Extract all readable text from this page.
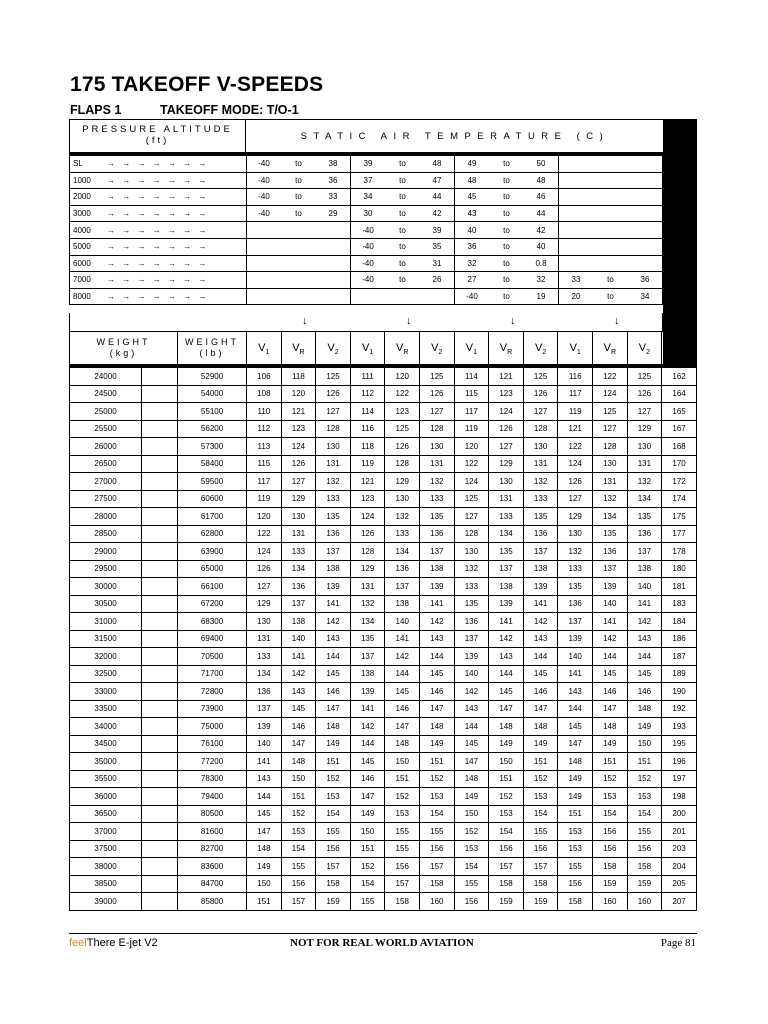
175 TAKEOFF V-SPEEDS
FLAPS 1	TAKEOFF MODE: T/O-1
PRESSURE ALTITUDE
(ft)	STATIC AIR TEMPERATURE (C)
SL → → → → → → →	-40 to 38	39 to 48	49 to 50	
1000 → → → → → → →	-40 to 36	37 to 47	48 to 48	
2000 → → → → → → →	-40 to 33	34 to 44	45 to 46	
3000 → → → → → → →	-40 to 29	30 to 42	43 to 44	
4000 → → → → → → →		-40 to 39	40 to 42	
5000 → → → → → → →		-40 to 35	36 to 40	
6000 → → → → → → →		-40 to 31	32 to 0.8	
7000 → → → → → → →		-40 to 26	27 to 32	33 to 36
8000 → → → → → → →			-40 to 19	20 to 34
↓	↓	↓	↓
WEIGHT
(kg)
WEIGHT
(lb)	$V_1$	$V_R$	$V_2$	$V_1$	$V_R$	$V_2$	$V_1$	$V_R$	$V_2$	$V_1$	$V_R$	$V_2$	$V_{FS}$
24000		52900	106	118	125	111	120	125	114	121	125	116	122	125	162
24500		54000	108	120	126	112	122	126	115	123	126	117	124	126	164
25000		55100	110	121	127	114	123	127	117	124	127	119	125	127	165
25500		56200	112	123	128	116	125	128	119	126	128	121	127	129	167
26000		57300	113	124	130	118	126	130	120	127	130	122	128	130	168
26500		58400	115	126	131	119	128	131	122	129	131	124	130	131	170
27000		59500	117	127	132	121	129	132	124	130	132	126	131	132	172
27500		60600	119	129	133	123	130	133	125	131	133	127	132	134	174
28000		61700	120	130	135	124	132	135	127	133	135	129	134	135	175
28500		62800	122	131	136	126	133	136	128	134	136	130	135	136	177
29000		63900	124	133	137	128	134	137	130	135	137	132	136	137	178
29500		65000	126	134	138	129	136	138	132	137	138	133	137	138	180
30000		66100	127	136	139	131	137	139	133	138	139	135	139	140	181
30500		67200	129	137	141	132	138	141	135	139	141	136	140	141	183
31000		68300	130	138	142	134	140	142	136	141	142	137	141	142	184
31500		69400	131	140	143	135	141	143	137	142	143	139	142	143	186
32000		70500	133	141	144	137	142	144	139	143	144	140	144	144	187
32500		71700	134	142	145	138	144	145	140	144	145	141	145	145	189
33000		72800	136	143	146	139	145	146	142	145	146	143	146	146	190
33500		73900	137	145	147	141	146	147	143	147	147	144	147	148	192
34000		75000	139	146	148	142	147	148	144	148	148	145	148	149	193
34500		76100	140	147	149	144	148	149	145	149	149	147	149	150	195
35000		77200	141	148	151	145	150	151	147	150	151	148	151	151	196
35500		78300	143	150	152	146	151	152	148	151	152	149	152	152	197
36000		79400	144	151	153	147	152	153	149	152	153	149	153	153	198
36500		80500	145	152	154	149	153	154	150	153	154	151	154	154	200
37000		81600	147	153	155	150	155	155	152	154	155	153	156	155	201
37500		82700	148	154	156	151	155	156	153	156	156	153	156	156	203
38000		83600	149	155	157	152	156	157	154	157	157	155	158	158	204
38500		84700	150	156	158	154	157	158	155	158	158	156	159	159	205
39000		85800	151	157	159	155	158	160	156	159	159	158	160	160	207
feelThere E-jet V2	NOT FOR REAL WORLD AVIATION	Page 81
